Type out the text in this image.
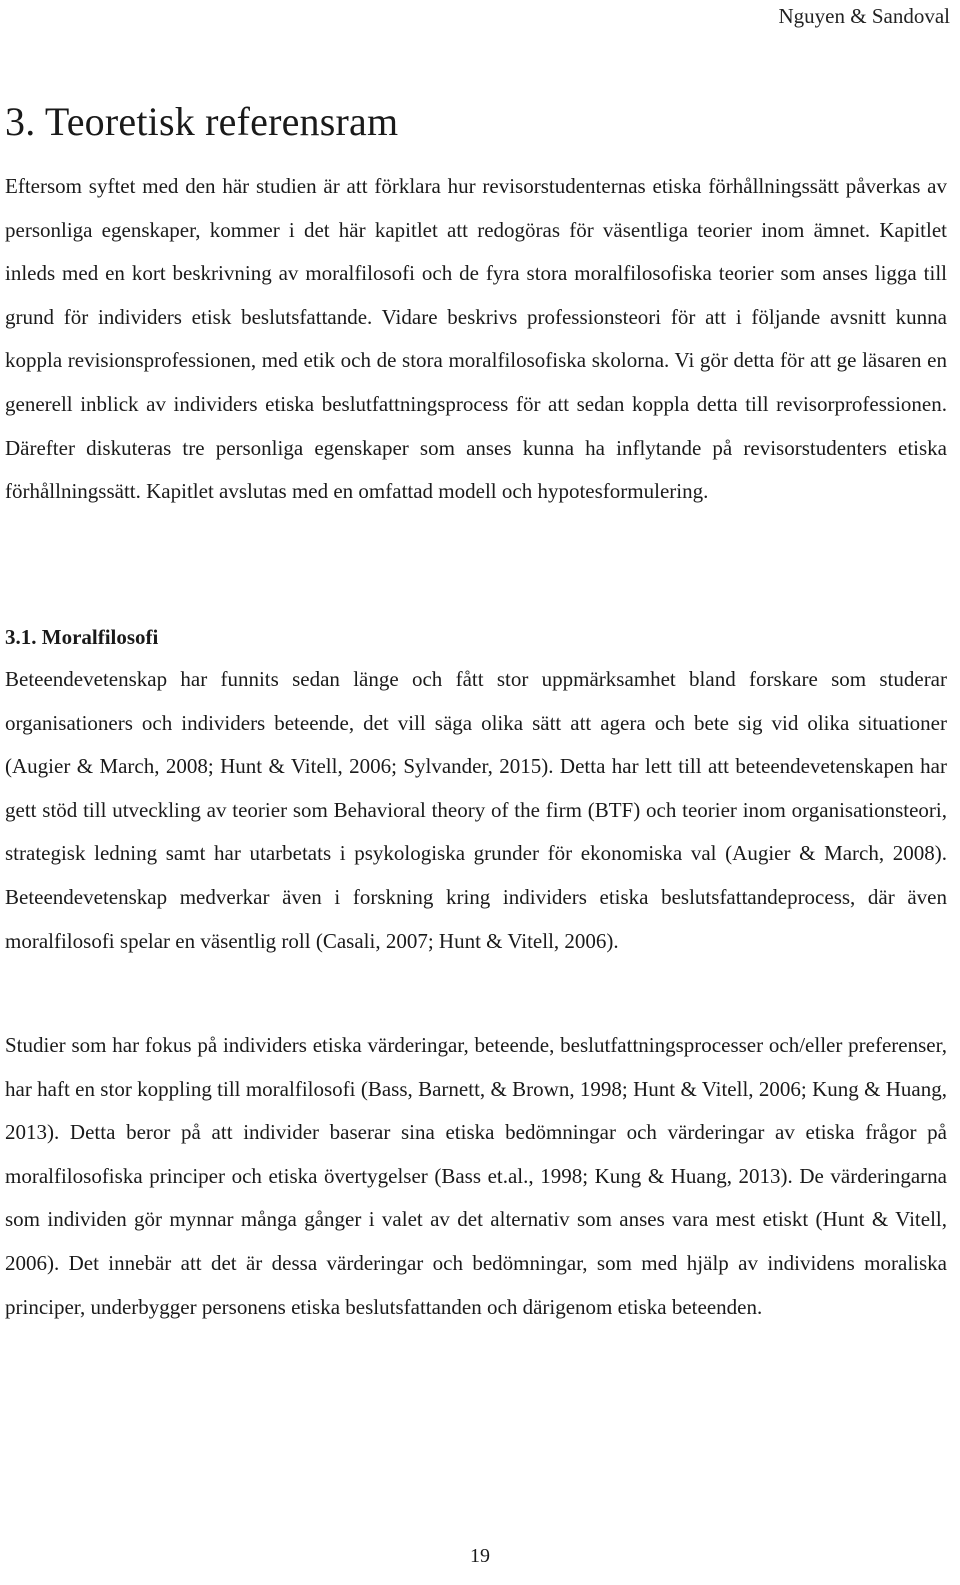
Nguyen & Sandoval
3. Teoretisk referensram

Eftersom syftet med den här studien är att förklara hur revisorstudenternas etiska förhållningssätt påverkas av personliga egenskaper, kommer i det här kapitlet att redogöras för väsentliga teorier inom ämnet. Kapitlet inleds med en kort beskrivning av moralfilosofi och de fyra stora moralfilosofiska teorier som anses ligga till grund för individers etisk beslutsfattande. Vidare beskrivs professionsteori för att i följande avsnitt kunna koppla revisionsprofessionen, med etik och de stora moralfilosofiska skolorna. Vi gör detta för att ge läsaren en generell inblick av individers etiska beslutfattningsprocess för att sedan koppla detta till revisorprofessionen. Därefter diskuteras tre personliga egenskaper som anses kunna ha inflytande på revisorstudenters etiska förhållningssätt. Kapitlet avslutas med en omfattad modell och hypotesformulering.

3.1. Moralfilosofi

Beteendevetenskap har funnits sedan länge och fått stor uppmärksamhet bland forskare som studerar organisationers och individers beteende, det vill säga olika sätt att agera och bete sig vid olika situationer (Augier & March, 2008; Hunt & Vitell, 2006; Sylvander, 2015). Detta har lett till att beteendevetenskapen har gett stöd till utveckling av teorier som Behavioral theory of the firm (BTF) och teorier inom organisationsteori, strategisk ledning samt har utarbetats i psykologiska grunder för ekonomiska val (Augier & March, 2008). Beteendevetenskap medverkar även i forskning kring individers etiska beslutsfattandeprocess, där även moralfilosofi spelar en väsentlig roll (Casali, 2007; Hunt & Vitell, 2006).

Studier som har fokus på individers etiska värderingar, beteende, beslutfattningsprocesser och/eller preferenser, har haft en stor koppling till moralfilosofi (Bass, Barnett, & Brown, 1998; Hunt & Vitell, 2006; Kung & Huang, 2013). Detta beror på att individer baserar sina etiska bedömningar och värderingar av etiska frågor på moralfilosofiska principer och etiska övertygelser (Bass et.al., 1998; Kung & Huang, 2013). De värderingarna som individen gör mynnar många gånger i valet av det alternativ som anses vara mest etiskt (Hunt & Vitell, 2006). Det innebär att det är dessa värderingar och bedömningar, som med hjälp av individens moraliska principer, underbygger personens etiska beslutsfattanden och därigenom etiska beteenden.

19
